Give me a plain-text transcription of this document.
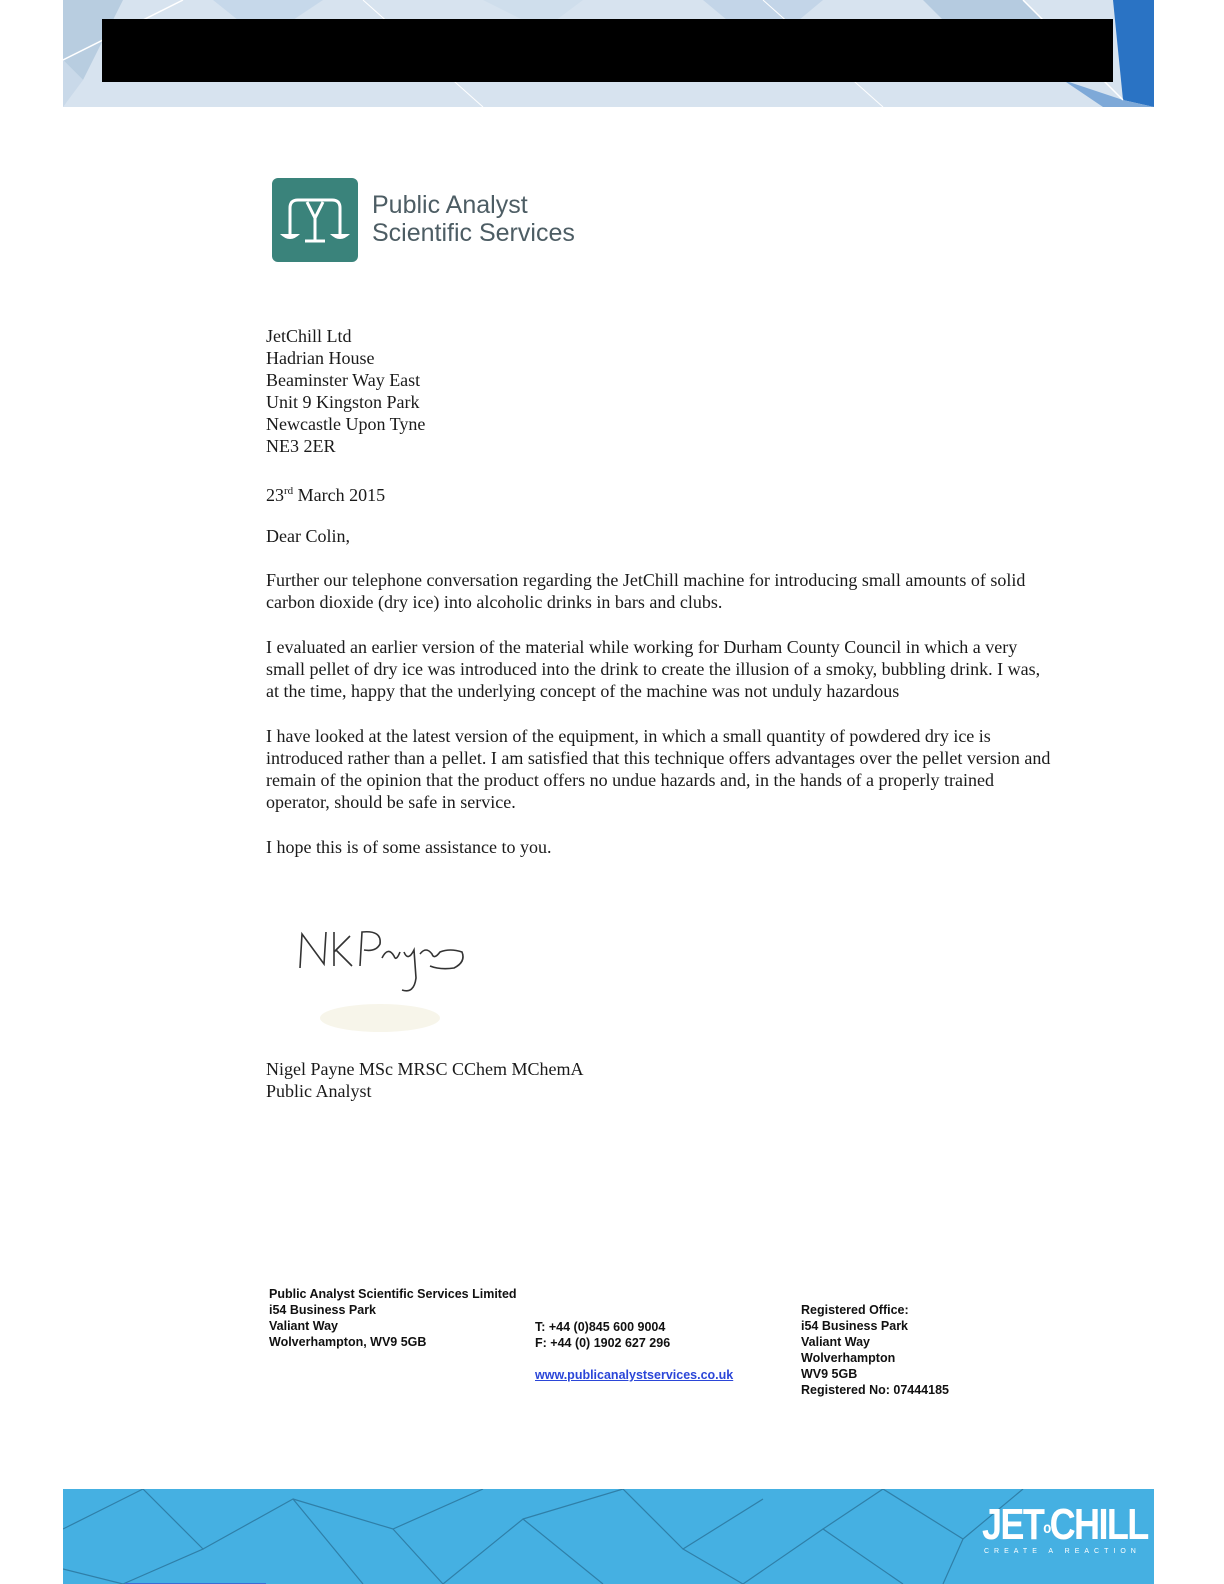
Public Analyst
Scientific Services
JetChill Ltd
Hadrian House
Beaminster Way East
Unit 9 Kingston Park
Newcastle Upon Tyne
NE3 2ER
23rd March 2015
Dear Colin,

Further our telephone conversation regarding the JetChill machine for introducing small amounts of solid carbon dioxide (dry ice) into alcoholic drinks in bars and clubs.

I evaluated an earlier version of the material while working for Durham County Council in which a very small pellet of dry ice was introduced into the drink to create the illusion of a smoky, bubbling drink. I was, at the time, happy that the underlying concept of the machine was not unduly hazardous

I have looked at the latest version of the equipment, in which a small quantity of powdered dry ice is introduced rather than a pellet. I am satisfied that this technique offers advantages over the pellet version and remain of the opinion that the product offers no undue hazards and, in the hands of a properly trained operator, should be safe in service.

I hope this is of some assistance to you.

Nigel Payne MSc MRSC CChem MChemA
Public Analyst
Public Analyst Scientific Services Limited
i54 Business Park
Valiant Way
Wolverhampton, WV9 5GB
T: +44 (0)845 600 9004
F: +44 (0) 1902 627 296
www.publicanalystservices.co.uk
Registered Office:
i54 Business Park
Valiant Way
Wolverhampton
WV9 5GB
Registered No: 07444185
JET$^o$CHILL
CREATE A REACTION
